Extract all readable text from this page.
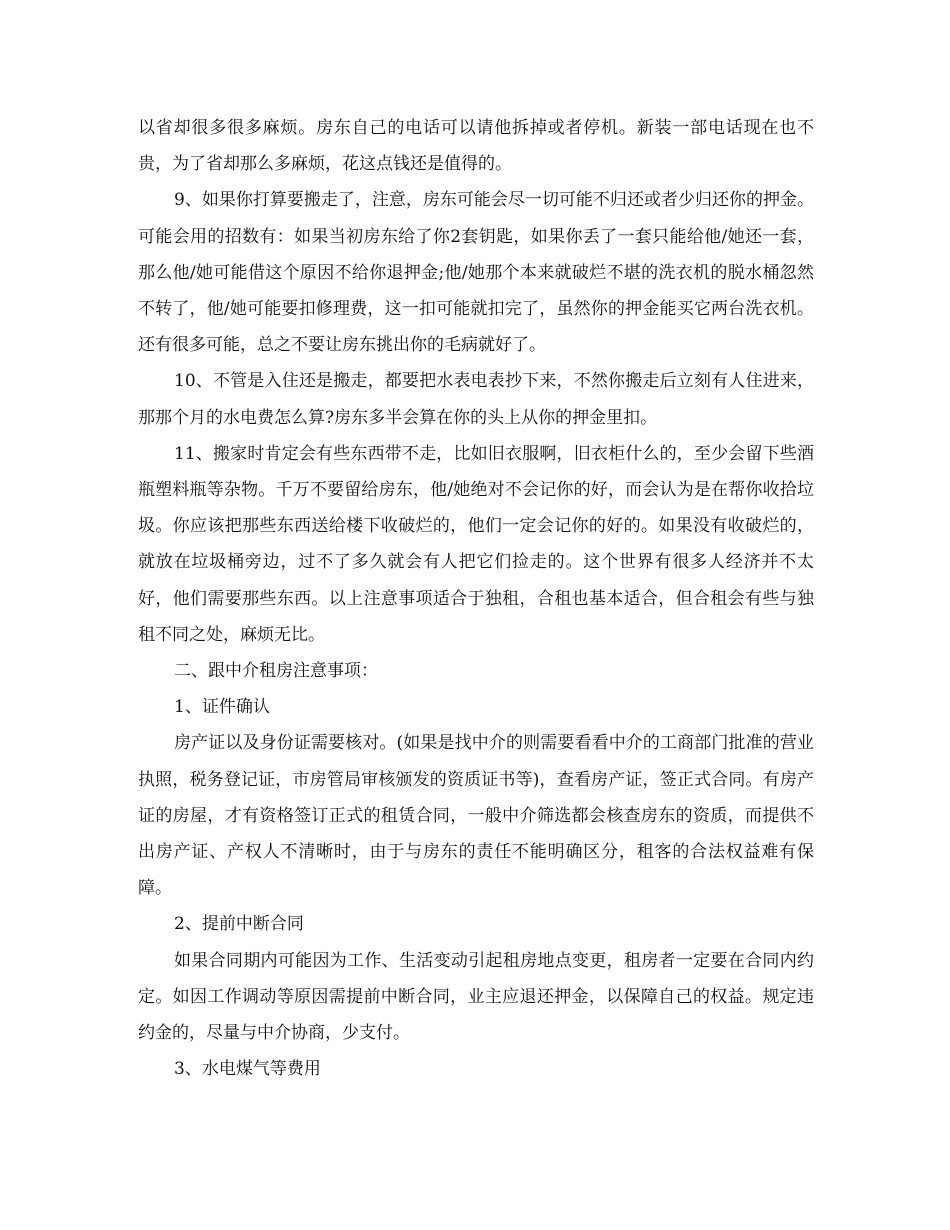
以省却很多很多麻烦。房东自己的电话可以请他拆掉或者停机。新装一部电话现在也不贵，为了省却那么多麻烦，花这点钱还是值得的。

9、如果你打算要搬走了，注意，房东可能会尽一切可能不归还或者少归还你的押金。可能会用的招数有：如果当初房东给了你2套钥匙，如果你丢了一套只能给他/她还一套，那么他/她可能借这个原因不给你退押金;他/她那个本来就破烂不堪的洗衣机的脱水桶忽然不转了，他/她可能要扣修理费，这一扣可能就扣完了，虽然你的押金能买它两台洗衣机。还有很多可能，总之不要让房东挑出你的毛病就好了。

10、不管是入住还是搬走，都要把水表电表抄下来，不然你搬走后立刻有人住进来，那那个月的水电费怎么算?房东多半会算在你的头上从你的押金里扣。

11、搬家时肯定会有些东西带不走，比如旧衣服啊，旧衣柜什么的，至少会留下些酒瓶塑料瓶等杂物。千万不要留给房东，他/她绝对不会记你的好，而会认为是在帮你收拾垃圾。你应该把那些东西送给楼下收破烂的，他们一定会记你的好的。如果没有收破烂的，就放在垃圾桶旁边，过不了多久就会有人把它们捡走的。这个世界有很多人经济并不太好，他们需要那些东西。以上注意事项适合于独租，合租也基本适合，但合租会有些与独租不同之处，麻烦无比。

二、跟中介租房注意事项：

1、证件确认

房产证以及身份证需要核对。(如果是找中介的则需要看看中介的工商部门批准的营业执照，税务登记证，市房管局审核颁发的资质证书等)，查看房产证，签正式合同。有房产证的房屋，才有资格签订正式的租赁合同，一般中介筛选都会核查房东的资质，而提供不出房产证、产权人不清晰时，由于与房东的责任不能明确区分，租客的合法权益难有保障。

2、提前中断合同

如果合同期内可能因为工作、生活变动引起租房地点变更，租房者一定要在合同内约定。如因工作调动等原因需提前中断合同，业主应退还押金，以保障自己的权益。规定违约金的，尽量与中介协商，少支付。

3、水电煤气等费用
